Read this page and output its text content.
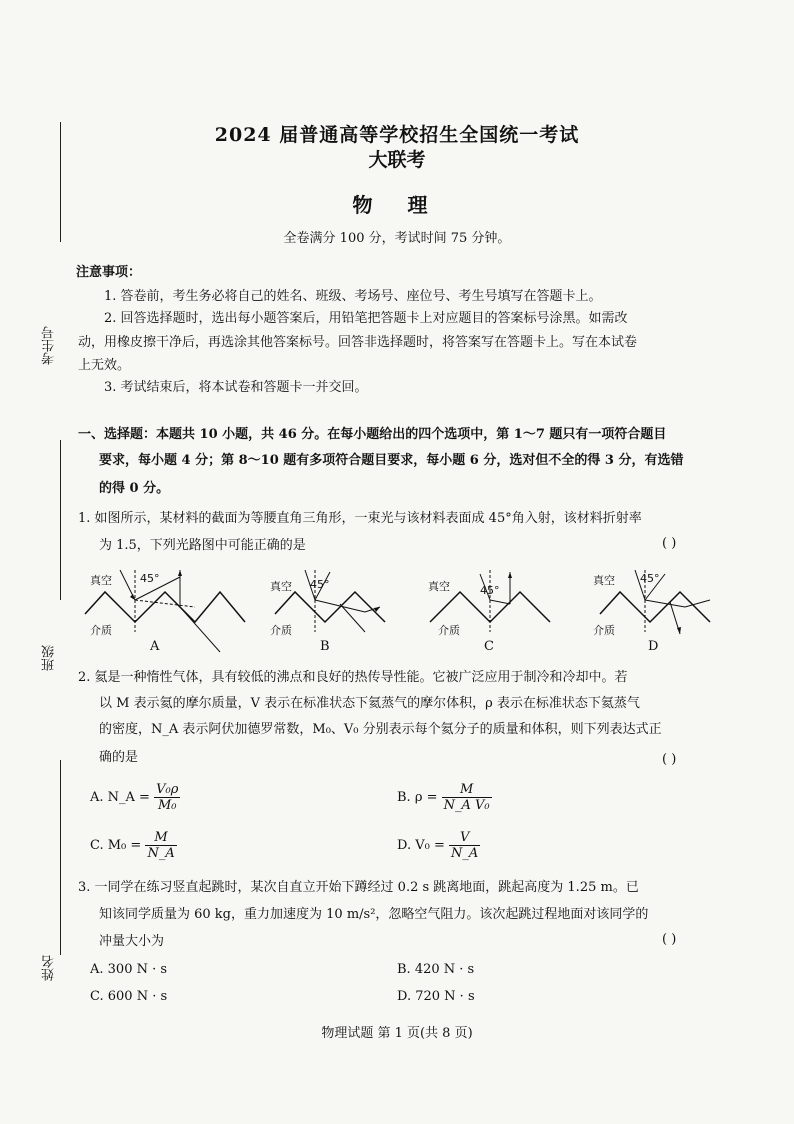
考生号
班级
姓名
2024 届普通高等学校招生全国统一考试
大联考
物 理
全卷满分 100 分，考试时间 75 分钟。
注意事项：
1. 答卷前，考生务必将自己的姓名、班级、考场号、座位号、考生号填写在答题卡上。
2. 回答选择题时，选出每小题答案后，用铅笔把答题卡上对应题目的答案标号涂黑。如需改
动，用橡皮擦干净后，再选涂其他答案标号。回答非选择题时，将答案写在答题卡上。写在本试卷
上无效。
3. 考试结束后，将本试卷和答题卡一并交回。
一、选择题：本题共 10 小题，共 46 分。在每小题给出的四个选项中，第 1～7 题只有一项符合题目
要求，每小题 4 分；第 8～10 题有多项符合题目要求，每小题 6 分，选对但不全的得 3 分，有选错
的得 0 分。
1. 如图所示，某材料的截面为等腰直角三角形，一束光与该材料表面成 45°角入射，该材料折射率
为 1.5，下列光路图中可能正确的是	( )
真空	45°
介质
A
真空 45°
介质
B
真空	45°
介质
C
真空 45°
介质
D
2. 氦是一种惰性气体，具有较低的沸点和良好的热传导性能。它被广泛应用于制冷和冷却中。若
以 M 表示氦的摩尔质量，V 表示在标准状态下氦蒸气的摩尔体积，ρ 表示在标准状态下氦蒸气
的密度，N_A 表示阿伏加德罗常数，M₀、V₀ 分别表示每个氦分子的质量和体积，则下列表达式正
确的是	( )
A. N_A = $\frac{\text{V₀ρ}}{\text{M₀}}$	B. $\rho = \frac{M}{\text{N\_A V₀}}$
C. $M_0 = \frac{M}{N\_A}$	D. $V_0 = \frac{V}{N\_A}$
3. 一同学在练习竖直起跳时，某次自直立开始下蹲经过 0.2 s 跳离地面，跳起高度为 1.25 m。已
知该同学质量为 60 kg，重力加速度为 10 m/s²，忽略空气阻力。该次起跳过程地面对该同学的
冲量大小为	( )
A. 300 N · s	B. 420 N · s
C. 600 N · s	D. 720 N · s
物理试题 第 1 页(共 8 页)
